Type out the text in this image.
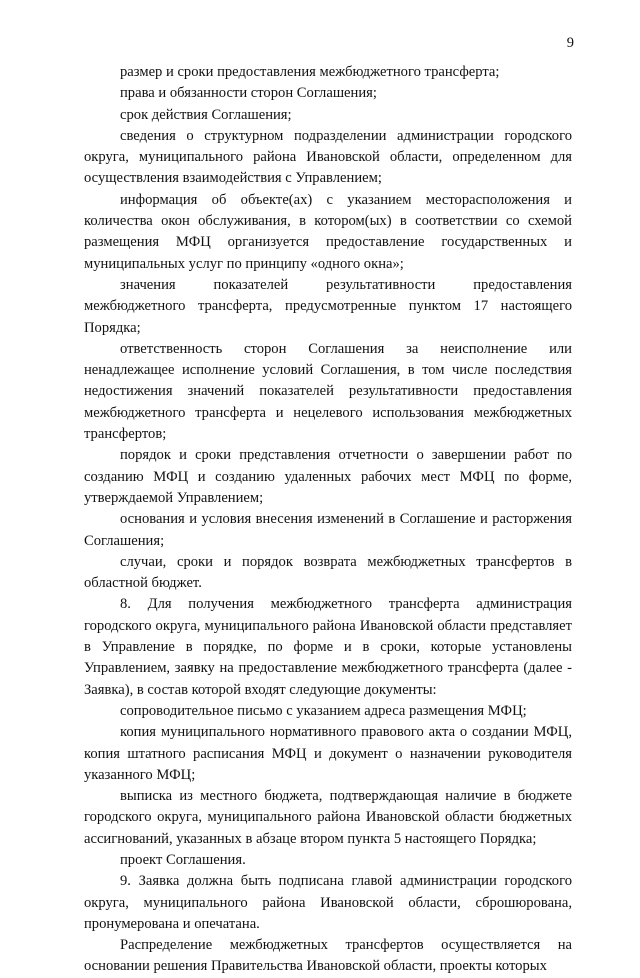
9

размер и сроки предоставления межбюджетного трансферта;

права и обязанности сторон Соглашения;

срок действия Соглашения;

сведения о структурном подразделении администрации городского округа, муниципального района Ивановской области, определенном для осуществления взаимодействия с Управлением;

информация об объекте(ах) с указанием месторасположения и количества окон обслуживания, в котором(ых) в соответствии со схемой размещения МФЦ организуется предоставление государственных и муниципальных услуг по принципу «одного окна»;

значения показателей результативности предоставления межбюджетного трансферта, предусмотренные пунктом 17 настоящего Порядка;

ответственность сторон Соглашения за неисполнение или ненадлежащее исполнение условий Соглашения, в том числе последствия недостижения значений показателей результативности предоставления межбюджетного трансферта и нецелевого использования межбюджетных трансфертов;

порядок и сроки представления отчетности о завершении работ по созданию МФЦ и созданию удаленных рабочих мест МФЦ по форме, утверждаемой Управлением;

основания и условия внесения изменений в Соглашение и расторжения Соглашения;

случаи, сроки и порядок возврата межбюджетных трансфертов в областной бюджет.

8. Для получения межбюджетного трансферта администрация городского округа, муниципального района Ивановской области представляет в Управление в порядке, по форме и в сроки, которые установлены Управлением, заявку на предоставление межбюджетного трансферта (далее - Заявка), в состав которой входят следующие документы:

сопроводительное письмо с указанием адреса размещения МФЦ;

копия муниципального нормативного правового акта о создании МФЦ, копия штатного расписания МФЦ и документ о назначении руководителя указанного МФЦ;

выписка из местного бюджета, подтверждающая наличие в бюджете городского округа, муниципального района Ивановской области бюджетных ассигнований, указанных в абзаце втором пункта 5 настоящего Порядка;

проект Соглашения.

9. Заявка должна быть подписана главой администрации городского округа, муниципального района Ивановской области, сброшюрована, пронумерована и опечатана.

Распределение межбюджетных трансфертов осуществляется на основании решения Правительства Ивановской области, проекты которых
